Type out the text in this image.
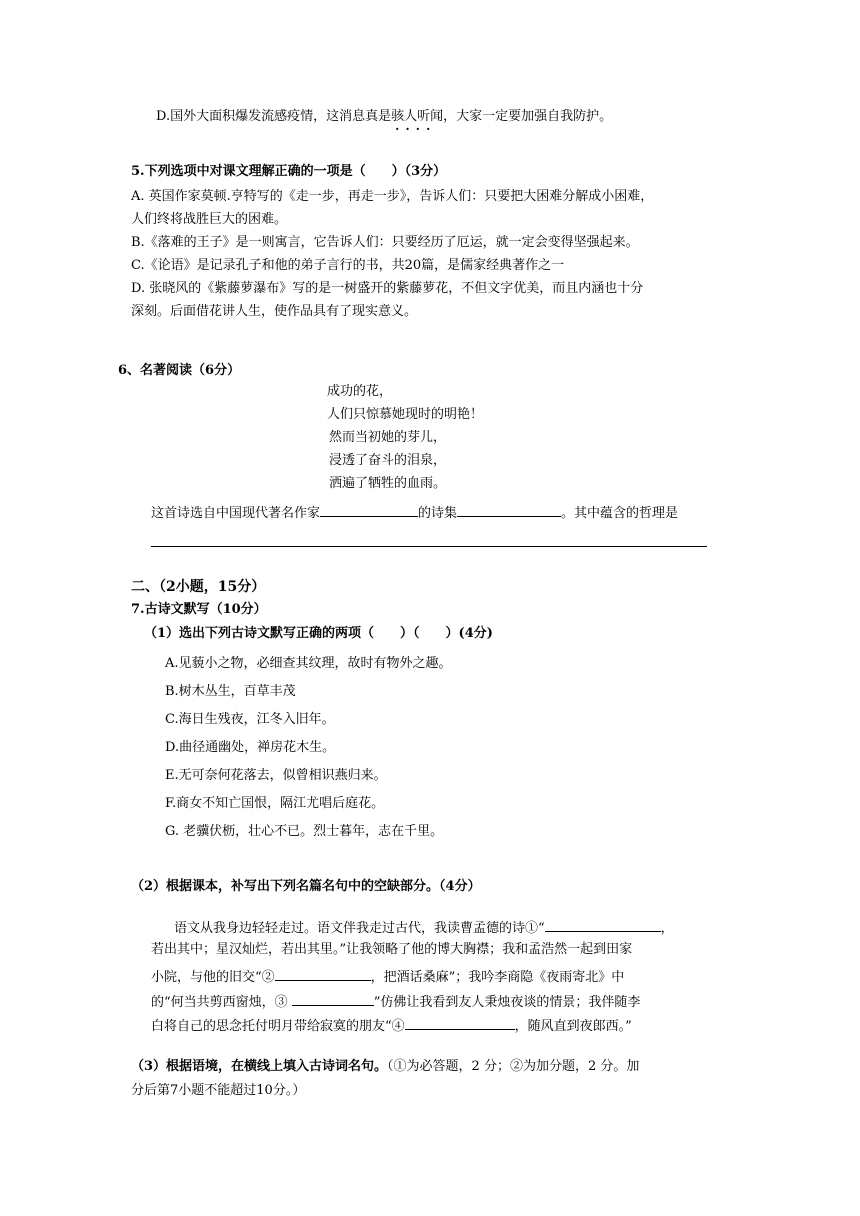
D.国外大面积爆发流感疫情，这消息真是骇人听闻 · · · ·，大家一定要加强自我防护。
5.下列选项中对课文理解正确的一项是（　　）（3分）
A. 英国作家莫顿.亨特写的《走一步，再走一步》，告诉人们：只要把大困难分解成小困难，
人们终将战胜巨大的困难。
B.《落难的王子》是一则寓言，它告诉人们：只要经历了厄运，就一定会变得坚强起来。
C.《论语》是记录孔子和他的弟子言行的书，共20篇，是儒家经典著作之一
D. 张晓风的《紫藤萝瀑布》写的是一树盛开的紫藤萝花，不但文字优美，而且内涵也十分
深刻。后面借花讲人生，使作品具有了现实意义。
6、名著阅读（6分）
成功的花，
人们只惊慕她现时的明艳！
然而当初她的芽儿，
浸透了奋斗的泪泉，
洒遍了牺牲的血雨。
这首诗选自中国现代著名作家	的诗集	。其中蕴含的哲理是
二、（2小题，15分）
7.古诗文默写（10分）
（1）选出下列古诗文默写正确的两项（　　）（　　）(4分)
A.见藐小之物，必细查其纹理，故时有物外之趣。
B.树木丛生，百草丰茂
C.海日生残夜，江冬入旧年。
D.曲径通幽处，禅房花木生。
E.无可奈何花落去，似曾相识燕归来。
F.商女不知亡国恨，隔江尤唱后庭花。
G. 老骥伏枥，壮心不已。烈士暮年，志在千里。
（2）根据课本，补写出下列名篇名句中的空缺部分。（4分）
语文从我身边轻轻走过。语文伴我走过古代，我读曹孟德的诗①“	，
若出其中；星汉灿烂，若出其里。”让我领略了他的博大胸襟；我和孟浩然一起到田家
小院，与他的旧交“②	，把酒话桑麻”；我吟李商隐《夜雨寄北》中
的“何当共剪西窗烛，③	”仿佛让我看到友人秉烛夜谈的情景；我伴随李
白将自己的思念托付明月带给寂寞的朋友“④	，随风直到夜郎西。”
（3）根据语境，在横线上填入古诗词名句。（①为必答题，2 分；②为加分题，2 分。加
分后第7小题不能超过10分。）
